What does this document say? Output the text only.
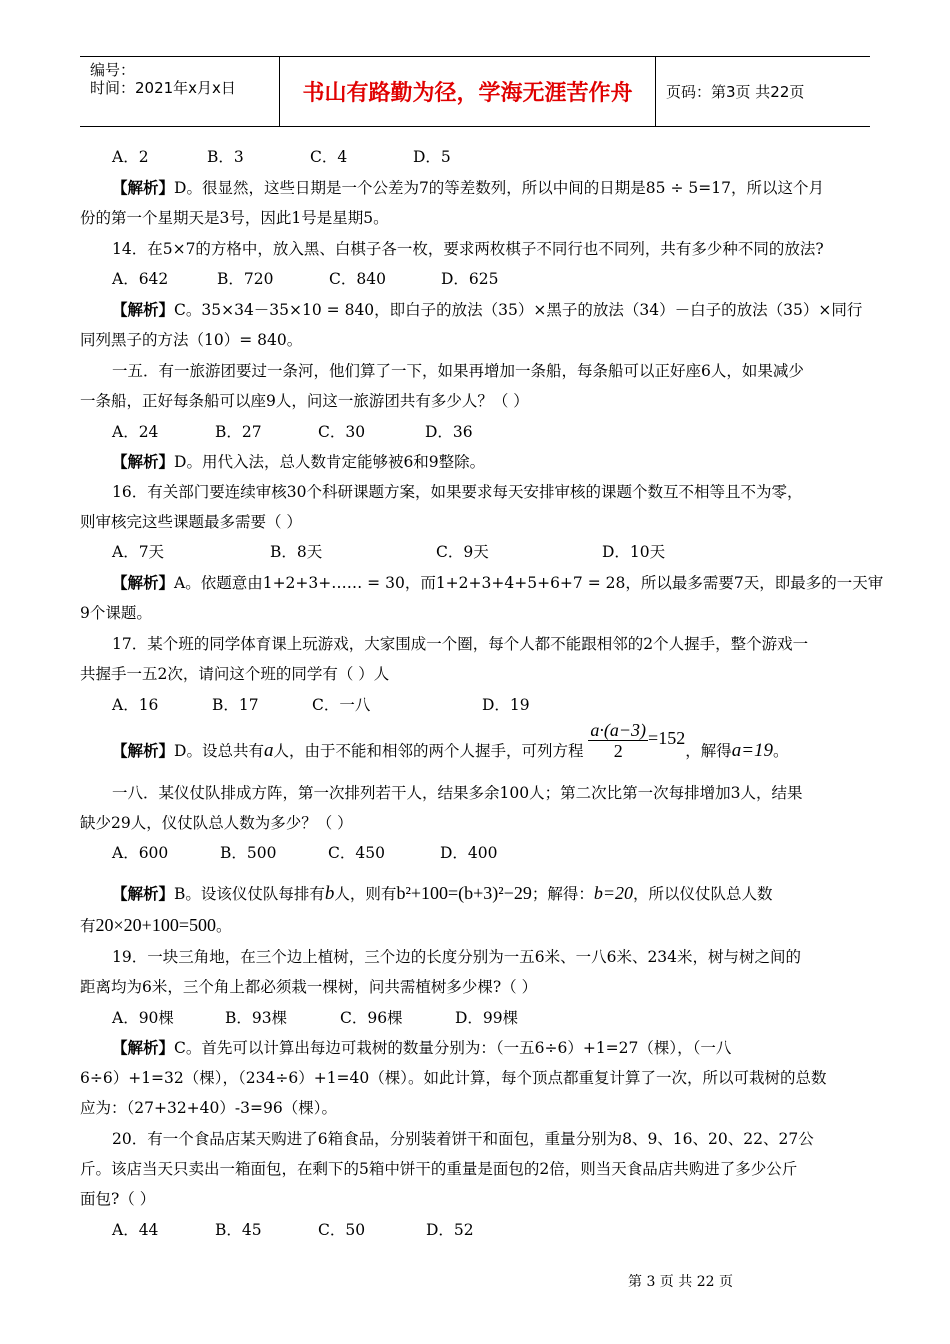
编号：
时间：2021年x月x日	书山有路勤为径，学海无涯苦作舟	页码：第3页 共22页
A．2	B．3	C．4	D．5
【解析】D。很显然，这些日期是一个公差为7的等差数列，所以中间的日期是85 ÷ 5=17，所以这个月
份的第一个星期天是3号，因此1号是星期5。
14．在5×7的方格中，放入黑、白棋子各一枚，要求两枚棋子不同行也不同列，共有多少种不同的放法?
A．642	B．720	C．840	D．625
【解析】C。35×34－35×10 = 840，即白子的放法（35）×黑子的放法（34）－白子的放法（35）×同行
同列黑子的方法（10）= 840。
一五．有一旅游团要过一条河，他们算了一下，如果再增加一条船，每条船可以正好座6人，如果减少
一条船，正好每条船可以座9人，问这一旅游团共有多少人？（ ）
A．24	B．27	C．30	D．36
【解析】D。用代入法，总人数肯定能够被6和9整除。
16．有关部门要连续审核30个科研课题方案，如果要求每天安排审核的课题个数互不相等且不为零，
则审核完这些课题最多需要（ ）
A．7天	B．8天	C．9天	D．10天
【解析】A。依题意由1+2+3+…… = 30，而1+2+3+4+5+6+7 = 28，所以最多需要7天，即最多的一天审
9个课题。
17．某个班的同学体育课上玩游戏，大家围成一个圈，每个人都不能跟相邻的2个人握手，整个游戏一
共握手一五2次，请问这个班的同学有（ ）人
A．16	B．17	C．一八	D．19
【解析】D。设总共有a人，由于不能和相邻的两个人握手，可列方程 $\frac{a\cdot(a-3)}{2} =152$，解得a=19。
一八．某仪仗队排成方阵，第一次排列若干人，结果多余100人；第二次比第一次每排增加3人，结果
缺少29人，仪仗队总人数为多少？（ ）
A．600	B．500	C．450	D．400
【解析】B。设该仪仗队每排有b人，则有b²+100=(b+3)²−29；解得：b=20，所以仪仗队总人数
有20×20+100=500。
19．一块三角地，在三个边上植树，三个边的长度分别为一五6米、一八6米、234米，树与树之间的
距离均为6米，三个角上都必须栽一棵树，问共需植树多少棵?（ ）
A．90棵	B．93棵	C．96棵	D．99棵
【解析】C。首先可以计算出每边可栽树的数量分别为：（一五6÷6）+1=27（棵），（一八
6÷6）+1=32（棵），（234÷6）+1=40（棵）。如此计算，每个顶点都重复计算了一次，所以可栽树的总数
应为：（27+32+40）-3=96（棵）。
20．有一个食品店某天购进了6箱食品，分别装着饼干和面包，重量分别为8、9、16、20、22、27公
斤。该店当天只卖出一箱面包，在剩下的5箱中饼干的重量是面包的2倍，则当天食品店共购进了多少公斤
面包?（ ）
A．44	B．45	C．50	D．52
第 3 页 共 22 页
